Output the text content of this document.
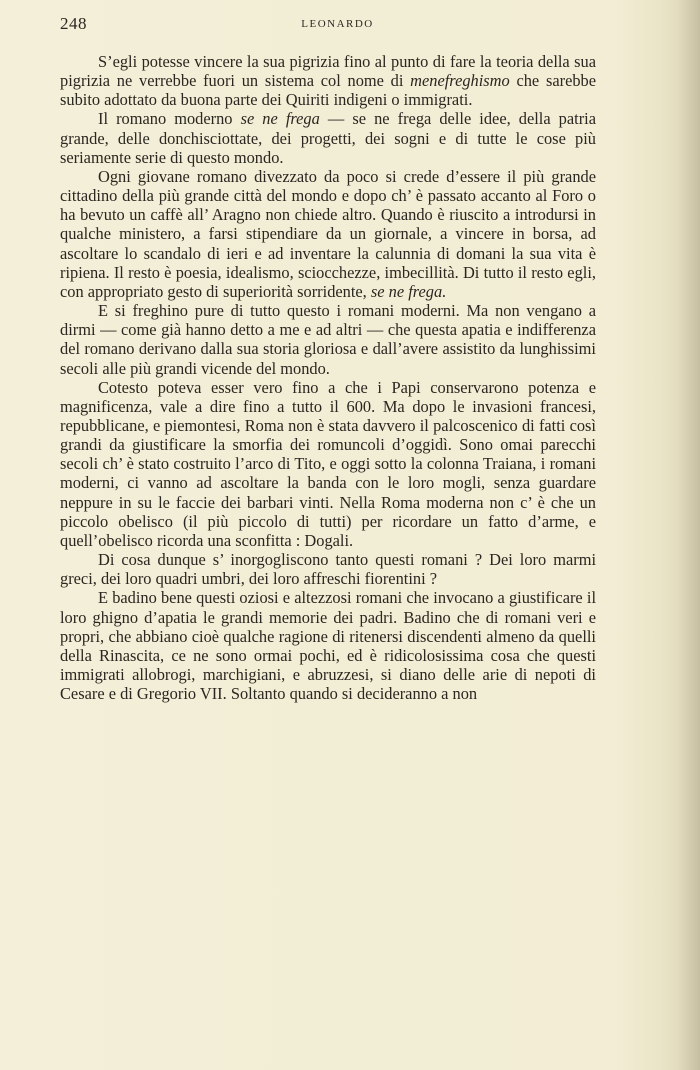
248	LEONARDO

S’egli potesse vincere la sua pigrizia fino al punto di fare la teoria della sua pigrizia ne verrebbe fuori un sistema col nome di menefreghismo che sarebbe subito adottato da buona parte dei Quiriti indigeni o immigrati.

Il romano moderno se ne frega — se ne frega delle idee, della patria grande, delle donchisciottate, dei progetti, dei sogni e di tutte le cose più seriamente serie di questo mondo.

Ogni giovane romano divezzato da poco si crede d’essere il più grande cittadino della più grande città del mondo e dopo ch’ è passato accanto al Foro o ha bevuto un caffè all’ Aragno non chiede altro. Quando è riuscito a introdursi in qualche ministero, a farsi stipendiare da un giornale, a vincere in borsa, ad ascoltare lo scandalo di ieri e ad inventare la calunnia di domani la sua vita è ripiena. Il resto è poesia, idealismo, sciocchezze, imbecillità. Di tutto il resto egli, con appropriato gesto di superiorità sorridente, se ne frega.

E si freghino pure di tutto questo i romani moderni. Ma non vengano a dirmi — come già hanno detto a me e ad altri — che questa apatia e indifferenza del romano derivano dalla sua storia gloriosa e dall’avere assistito da lunghissimi secoli alle più grandi vicende del mondo.

Cotesto poteva esser vero fino a che i Papi conservarono potenza e magnificenza, vale a dire fino a tutto il 600. Ma dopo le invasioni francesi, repubblicane, e piemontesi, Roma non è stata davvero il palcoscenico di fatti così grandi da giustificare la smorfia dei romuncoli d’oggidì. Sono omai parecchi secoli ch’ è stato costruito l’arco di Tito, e oggi sotto la colonna Traiana, i romani moderni, ci vanno ad ascoltare la banda con le loro mogli, senza guardare neppure in su le faccie dei barbari vinti. Nella Roma moderna non c’ è che un piccolo obelisco (il più piccolo di tutti) per ricordare un fatto d’arme, e quell’obelisco ricorda una sconfitta : Dogali.

Di cosa dunque s’ inorgogliscono tanto questi romani ? Dei loro marmi greci, dei loro quadri umbri, dei loro affreschi fiorentini ?

E badino bene questi oziosi e altezzosi romani che invocano a giustificare il loro ghigno d’apatia le grandi memorie dei padri. Badino che di romani veri e propri, che abbiano cioè qualche ragione di ritenersi discendenti almeno da quelli della Rinascita, ce ne sono ormai pochi, ed è ridicolosissima cosa che questi immigrati allobrogi, marchigiani, e abruzzesi, si diano delle arie di nepoti di Cesare e di Gregorio VII. Soltanto quando si decideranno a non
